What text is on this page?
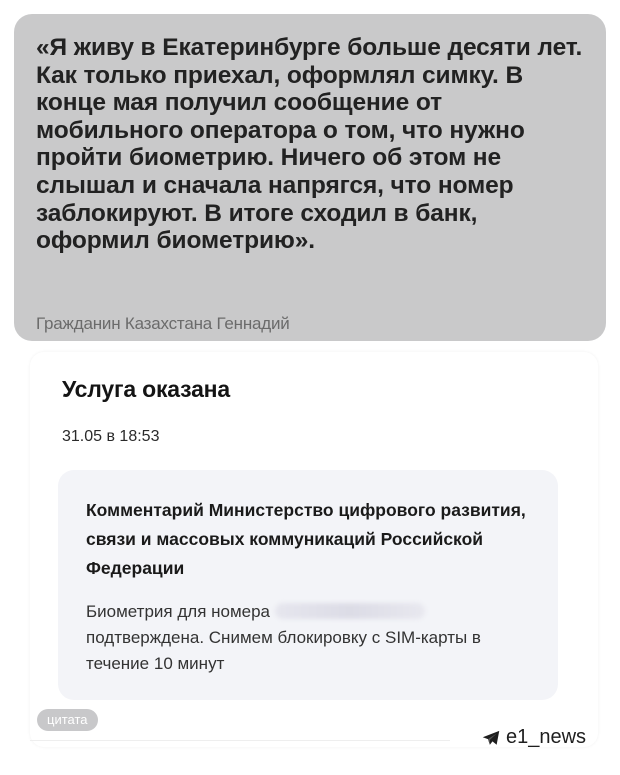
«Я живу в Екатеринбурге больше десяти лет. Как только приехал, оформлял симку. В конце мая получил сообщение от мобильного оператора о том, что нужно пройти биометрию. Ничего об этом не слышал и сначала напрягся, что номер заблокируют. В итоге сходил в банк, оформил биометрию».

Гражданин Казахстана Геннадий
Услуга оказана
31.05 в 18:53

Комментарий Министерство цифрового развития, связи и массовых коммуникаций Российской Федерации

Биометрия для номера  подтверждена. Снимем блокировку с SIM-карты в течение 10 минут

цитата
e1_news
